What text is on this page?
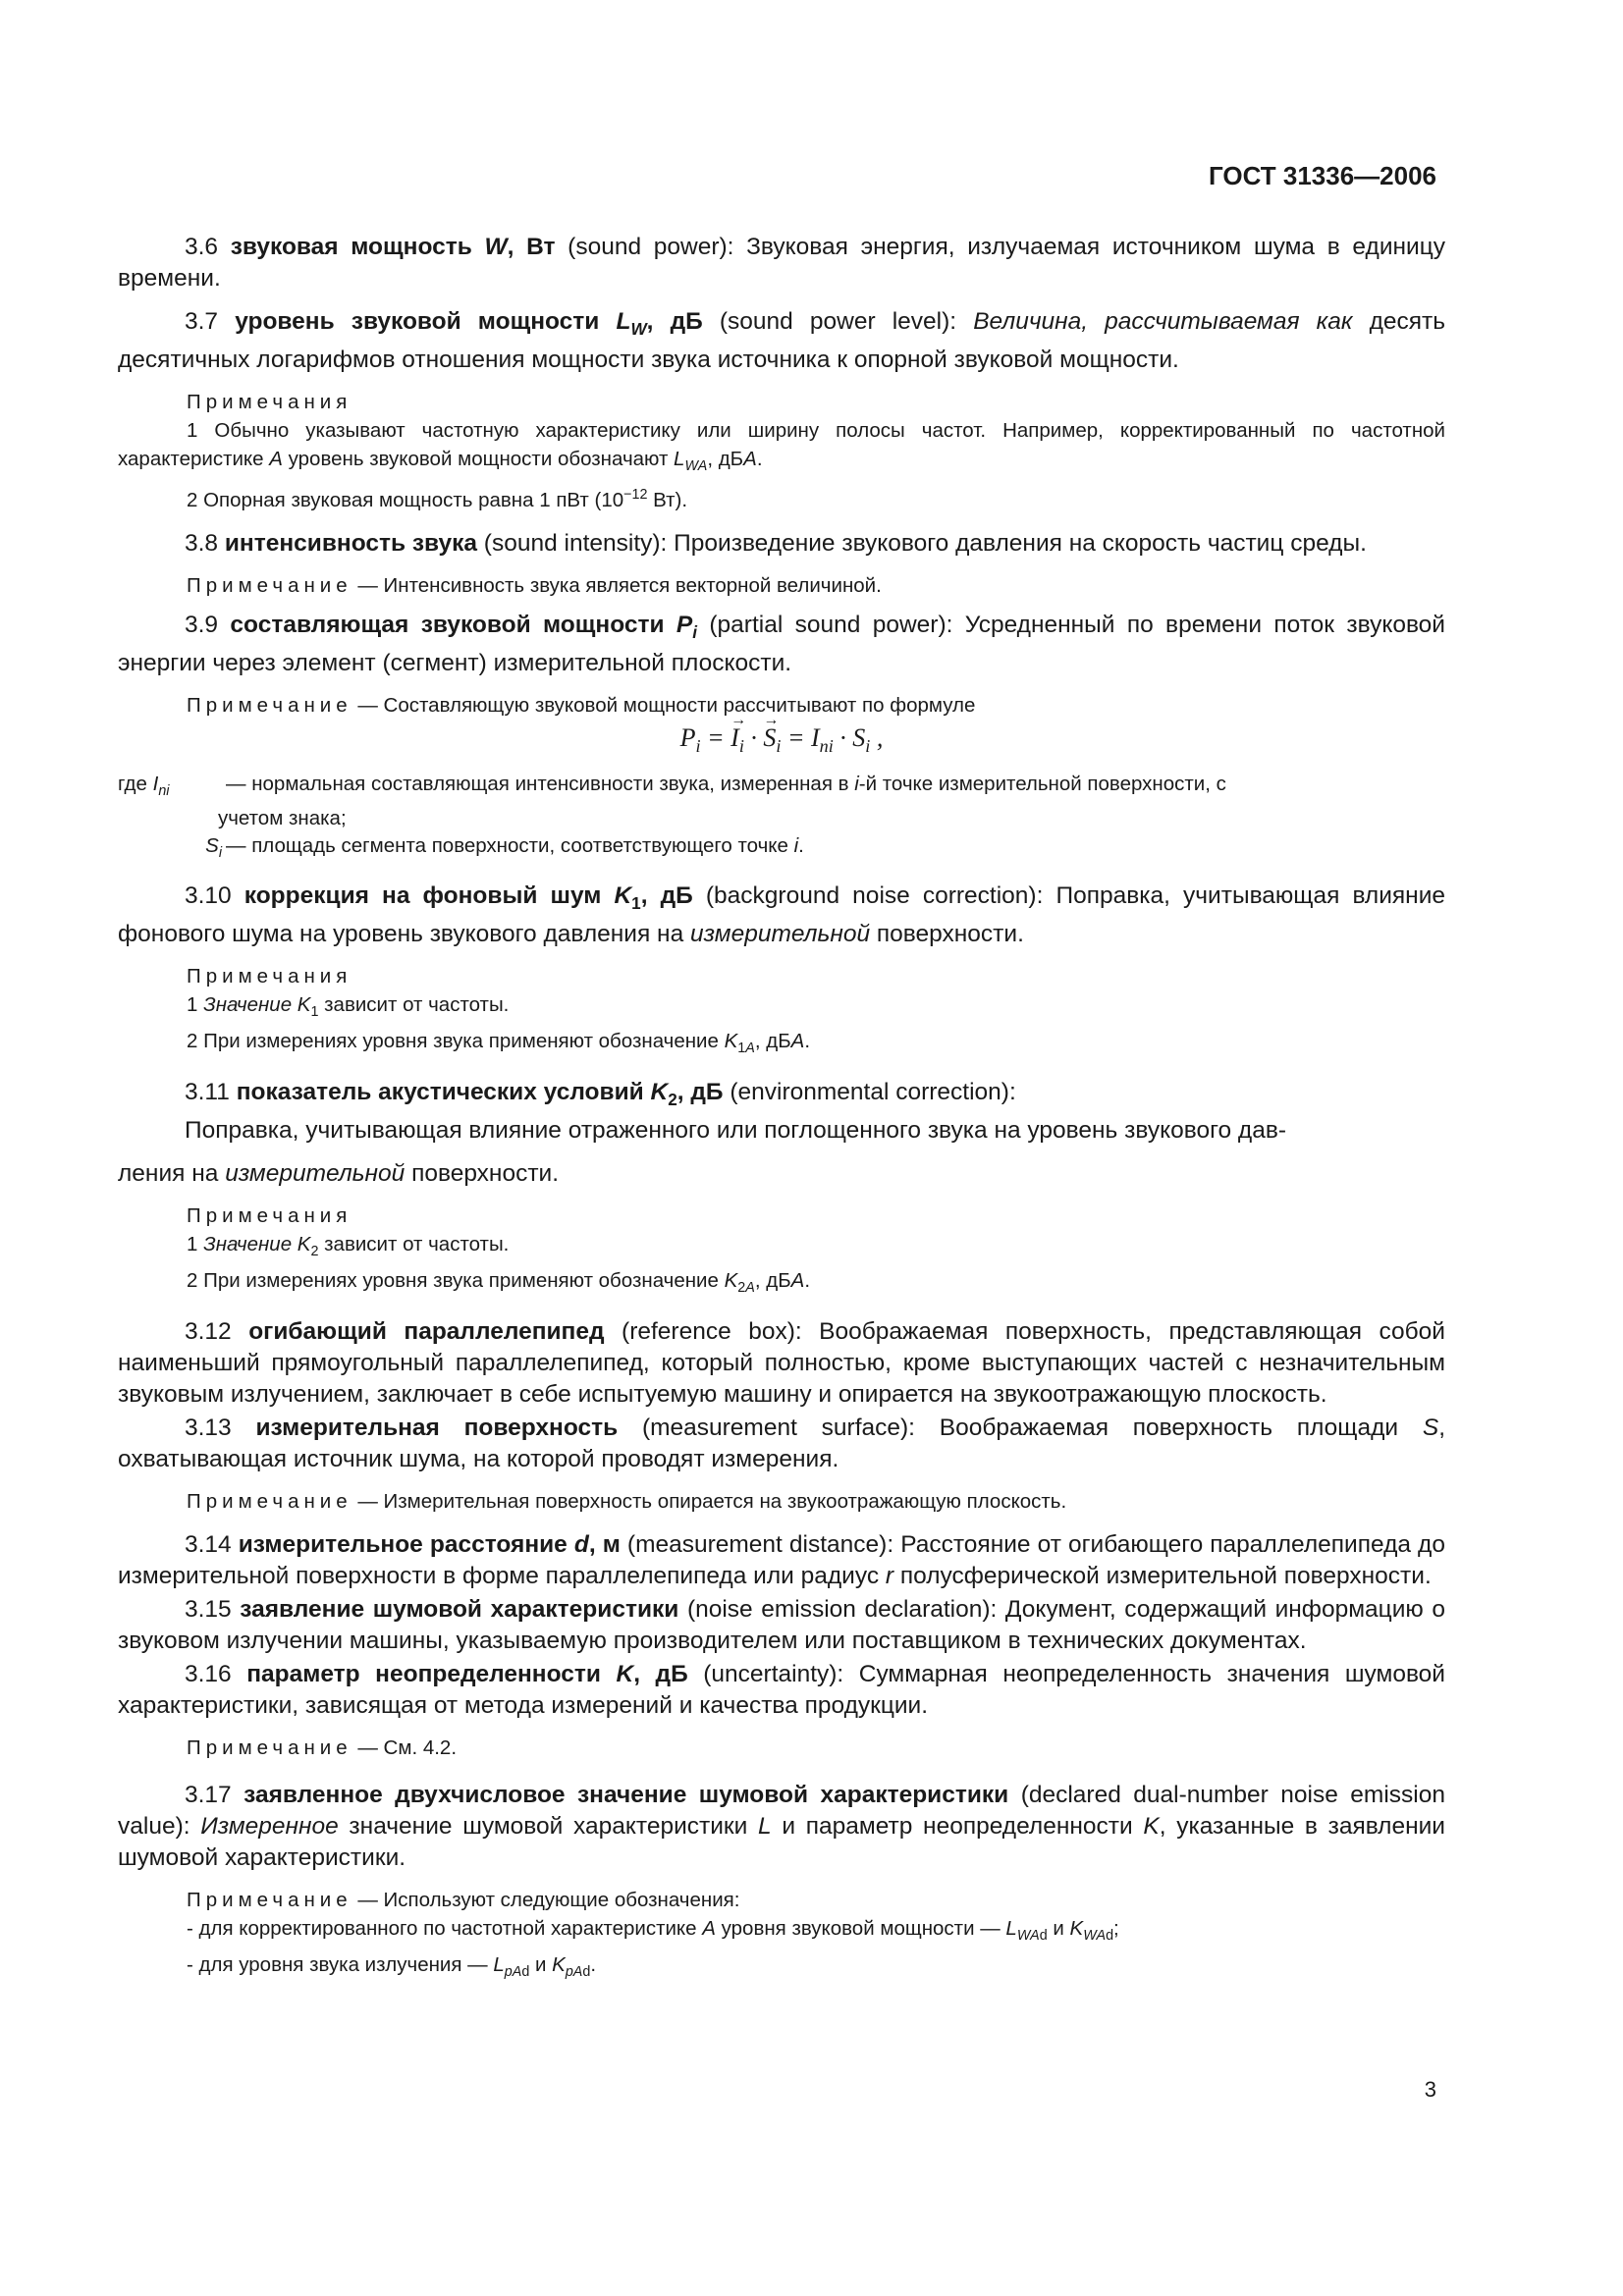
ГОСТ 31336—2006

3.6 звуковая мощность W, Вт (sound power): Звуковая энергия, излучаемая источником шума в единицу времени.

3.7 уровень звуковой мощности $L_W$, дБ (sound power level): Величина, рассчитываемая как десять десятичных логарифмов отношения мощности звука источника к опорной звуковой мощности.

Примечания

1 Обычно указывают частотную характеристику или ширину полосы частот. Например, корректированный по частотной характеристике А уровень звуковой мощности обозначают $L_{WA}$, дБА.

2 Опорная звуковая мощность равна 1 пВт ($10^{-12}$ Вт).

3.8 интенсивность звука (sound intensity): Произведение звукового давления на скорость частиц среды.

Примечание — Интенсивность звука является векторной величиной.

3.9 составляющая звуковой мощности $P_i$ (partial sound power): Усредненный по времени поток звуковой энергии через элемент (сегмент) измерительной плоскости.

Примечание — Составляющую звуковой мощности рассчитывают по формуле

$P_i = I$
→
$_i$ · S
→
$_i = I_{ni} \cdot S_i$ ,
где $I_{ni}$	— нормальная составляющая интенсивности звука, измеренная в i-й точке измерительной поверхности, с
учетом знака;
$S_i$ — площадь сегмента поверхности, соответствующего точке i.

3.10 коррекция на фоновый шум $K_1$, дБ (background noise correction): Поправка, учитывающая влияние фонового шума на уровень звукового давления на измерительной поверхности.

Примечания

1 Значение $K_1$ зависит от частоты.

2 При измерениях уровня звука применяют обозначение $K_{1A}$, дБА.

3.11 показатель акустических условий $K_2$, дБ (environmental correction):

Поправка, учитывающая влияние отраженного или поглощенного звука на уровень звукового дав-

ления на измерительной поверхности.

Примечания

1 Значение $K_2$ зависит от частоты.

2 При измерениях уровня звука применяют обозначение $K_{2A}$, дБА.

3.12 огибающий параллелепипед (reference box): Воображаемая поверхность, представляющая собой наименьший прямоугольный параллелепипед, который полностью, кроме выступающих частей с незначительным звуковым излучением, заключает в себе испытуемую машину и опирается на звукоотражающую плоскость.

3.13 измерительная поверхность (measurement surface): Воображаемая поверхность площади S, охватывающая источник шума, на которой проводят измерения.

Примечание — Измерительная поверхность опирается на звукоотражающую плоскость.

3.14 измерительное расстояние d, м (measurement distance): Расстояние от огибающего параллелепипеда до измерительной поверхности в форме параллелепипеда или радиус r полусферической измерительной поверхности.

3.15 заявление шумовой характеристики (noise emission declaration): Документ, содержащий информацию о звуковом излучении машины, указываемую производителем или поставщиком в технических документах.

3.16 параметр неопределенности K, дБ (uncertainty): Суммарная неопределенность значения шумовой характеристики, зависящая от метода измерений и качества продукции.

Примечание — См. 4.2.

3.17 заявленное двухчисловое значение шумовой характеристики (declared dual-number noise emission value): Измеренное значение шумовой характеристики L и параметр неопределенности K, указанные в заявлении шумовой характеристики.

Примечание — Используют следующие обозначения:

- для корректированного по частотной характеристике А уровня звуковой мощности — $L_{WAd}$ и $K_{WAd}$;

- для уровня звука излучения — $L_{pAd}$ и $K_{pAd}$.

3
